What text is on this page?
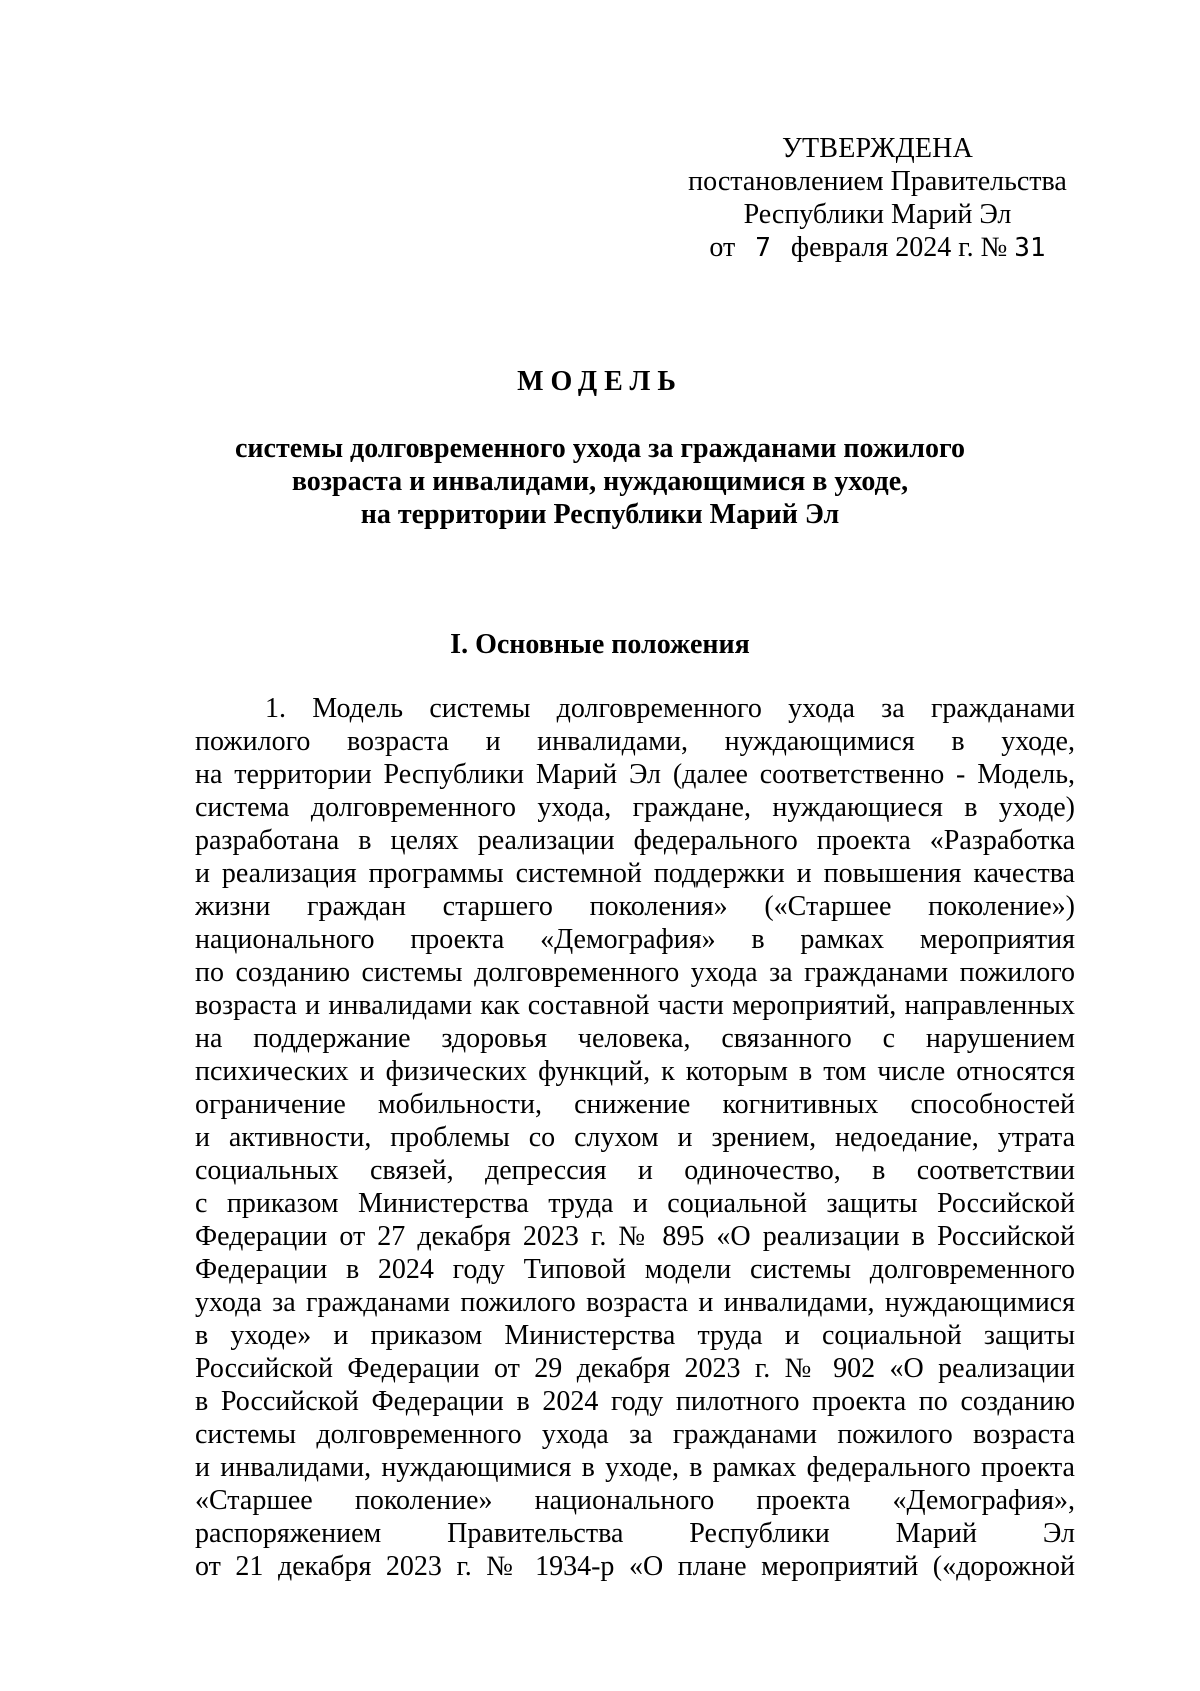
УТВЕРЖДЕНА
постановлением Правительства
Республики Марий Эл
от 7 февраля 2024 г. № 31
МОДЕЛЬ
системы долговременного ухода за гражданами пожилого
возраста и инвалидами, нуждающимися в уходе,
на территории Республики Марий Эл
I. Основные положения
1. Модель системы долговременного ухода за гражданами
пожилого возраста и инвалидами, нуждающимися в уходе,
на территории Республики Марий Эл (далее соответственно - Модель,
система долговременного ухода, граждане, нуждающиеся в уходе)
разработана в целях реализации федерального проекта «Разработка
и реализация программы системной поддержки и повышения качества
жизни граждан старшего поколения» («Старшее поколение»)
национального проекта «Демография» в рамках мероприятия
по созданию системы долговременного ухода за гражданами пожилого
возраста и инвалидами как составной части мероприятий, направленных
на поддержание здоровья человека, связанного с нарушением
психических и физических функций, к которым в том числе относятся
ограничение мобильности, снижение когнитивных способностей
и активности, проблемы со слухом и зрением, недоедание, утрата
социальных связей, депрессия и одиночество, в соответствии
с приказом Министерства труда и социальной защиты Российской
Федерации от 27 декабря 2023 г. № 895 «О реализации в Российской
Федерации в 2024 году Типовой модели системы долговременного
ухода за гражданами пожилого возраста и инвалидами, нуждающимися
в уходе» и приказом Министерства труда и социальной защиты
Российской Федерации от 29 декабря 2023 г. № 902 «О реализации
в Российской Федерации в 2024 году пилотного проекта по созданию
системы долговременного ухода за гражданами пожилого возраста
и инвалидами, нуждающимися в уходе, в рамках федерального проекта
«Старшее поколение» национального проекта «Демография»,
распоряжением Правительства Республики Марий Эл
от 21 декабря 2023 г. № 1934-р «О плане мероприятий («дорожной
